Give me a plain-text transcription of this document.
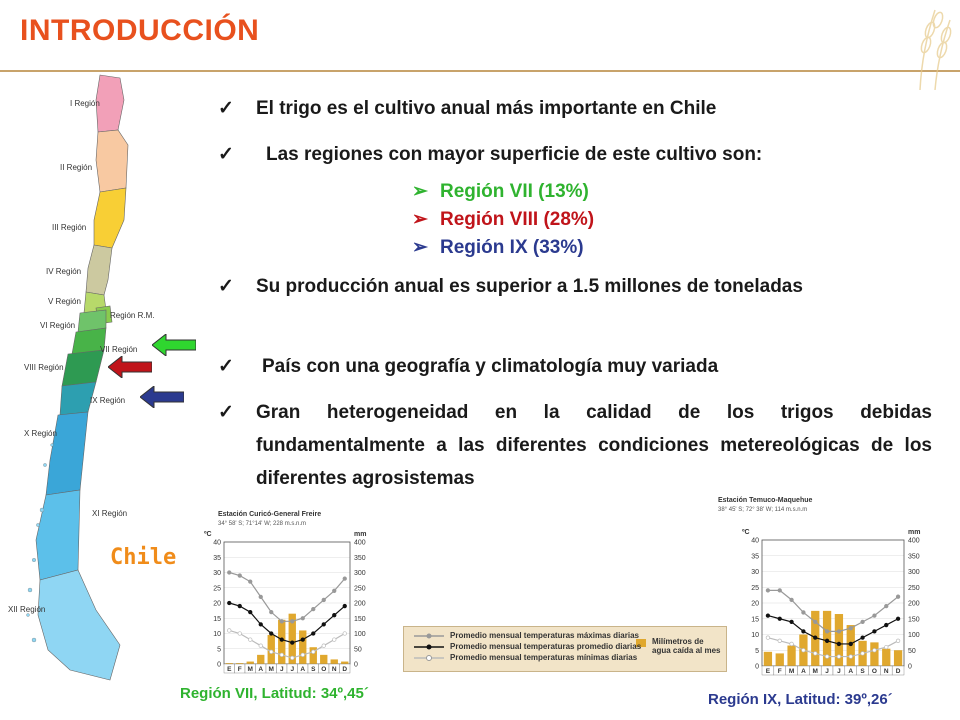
INTRODUCCIÓN
I Región
II Región
III Región
IV Región
V Región
Región R.M.
VI Región
VII Región
VIII Región
IX Región
X Región
XI Región
XII Región
Chile
✓ El trigo es el cultivo anual más importante en Chile
✓ Las regiones con mayor superficie de este cultivo son:
✓ Su producción anual es superior a 1.5 millones de toneladas
✓ País con una geografía y climatología muy variada
✓ Gran heterogeneidad en la calidad de los trigos debidas fundamentalmente a las diferentes condiciones metereológicas de los diferentes agrosistemas
➢ Región VII (13%)
➢ Región VIII (28%)
➢ Región IX (33%)
Estación Curicó-General Freire
34° 58' S; 71°14' W; 228 m.s.n.m
ºC	mm
40
35
30
25
20
15
10
5
0
400
350
300
250
200
150
100
50
0
E F M A M J J A S O N D
Estación Temuco-Maquehue
38° 45' S; 72° 38' W; 114 m.s.n.m
ºC	mm
40
35
30
25
20
15
10
5
0
400
350
300
250
200
150
100
50
0
E F M A M J J A S O N D
Promedio mensual temperaturas máximas diarias
Promedio mensual temperaturas promedio diarias
Promedio mensual temperaturas mínimas diarias
Milímetros de agua caída al mes
Región VII, Latitud: 34º,45´	Región IX, Latitud: 39º,26´
